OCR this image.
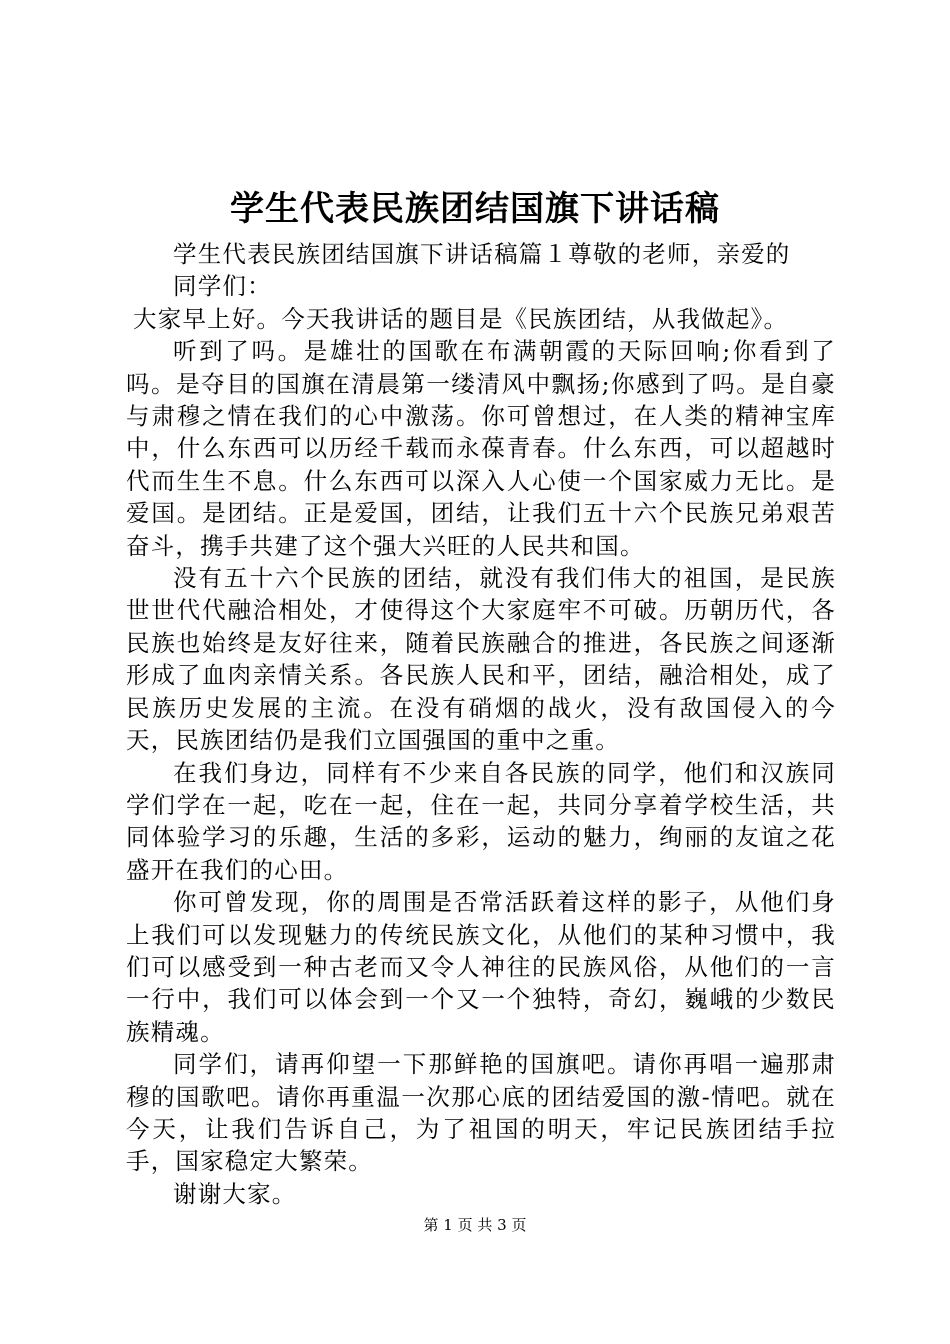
学生代表民族团结国旗下讲话稿

学生代表民族团结国旗下讲话稿篇１尊敬的老师，亲爱的同学们：

大家早上好。今天我讲话的题目是《民族团结，从我做起》。

听到了吗。是雄壮的国歌在布满朝霞的天际回响;你看到了吗。是夺目的国旗在清晨第一缕清风中飘扬;你感到了吗。是自豪与肃穆之情在我们的心中激荡。你可曾想过，在人类的精神宝库中，什么东西可以历经千载而永葆青春。什么东西，可以超越时代而生生不息。什么东西可以深入人心使一个国家威力无比。是爱国。是团结。正是爱国，团结，让我们五十六个民族兄弟艰苦奋斗，携手共建了这个强大兴旺的人民共和国。

没有五十六个民族的团结，就没有我们伟大的祖国，是民族世世代代融洽相处，才使得这个大家庭牢不可破。历朝历代，各民族也始终是友好往来，随着民族融合的推进，各民族之间逐渐形成了血肉亲情关系。各民族人民和平，团结，融洽相处，成了民族历史发展的主流。在没有硝烟的战火，没有敌国侵入的今天，民族团结仍是我们立国强国的重中之重。

在我们身边，同样有不少来自各民族的同学，他们和汉族同学们学在一起，吃在一起，住在一起，共同分享着学校生活，共同体验学习的乐趣，生活的多彩，运动的魅力，绚丽的友谊之花盛开在我们的心田。

你可曾发现，你的周围是否常活跃着这样的影子，从他们身上我们可以发现魅力的传统民族文化，从他们的某种习惯中，我们可以感受到一种古老而又令人神往的民族风俗，从他们的一言一行中，我们可以体会到一个又一个独特，奇幻，巍峨的少数民族精魂。

同学们，请再仰望一下那鲜艳的国旗吧。请你再唱一遍那肃穆的国歌吧。请你再重温一次那心底的团结爱国的激-情吧。就在今天，让我们告诉自己，为了祖国的明天，牢记民族团结手拉手，国家稳定大繁荣。

谢谢大家。

第 1 页 共 3 页
